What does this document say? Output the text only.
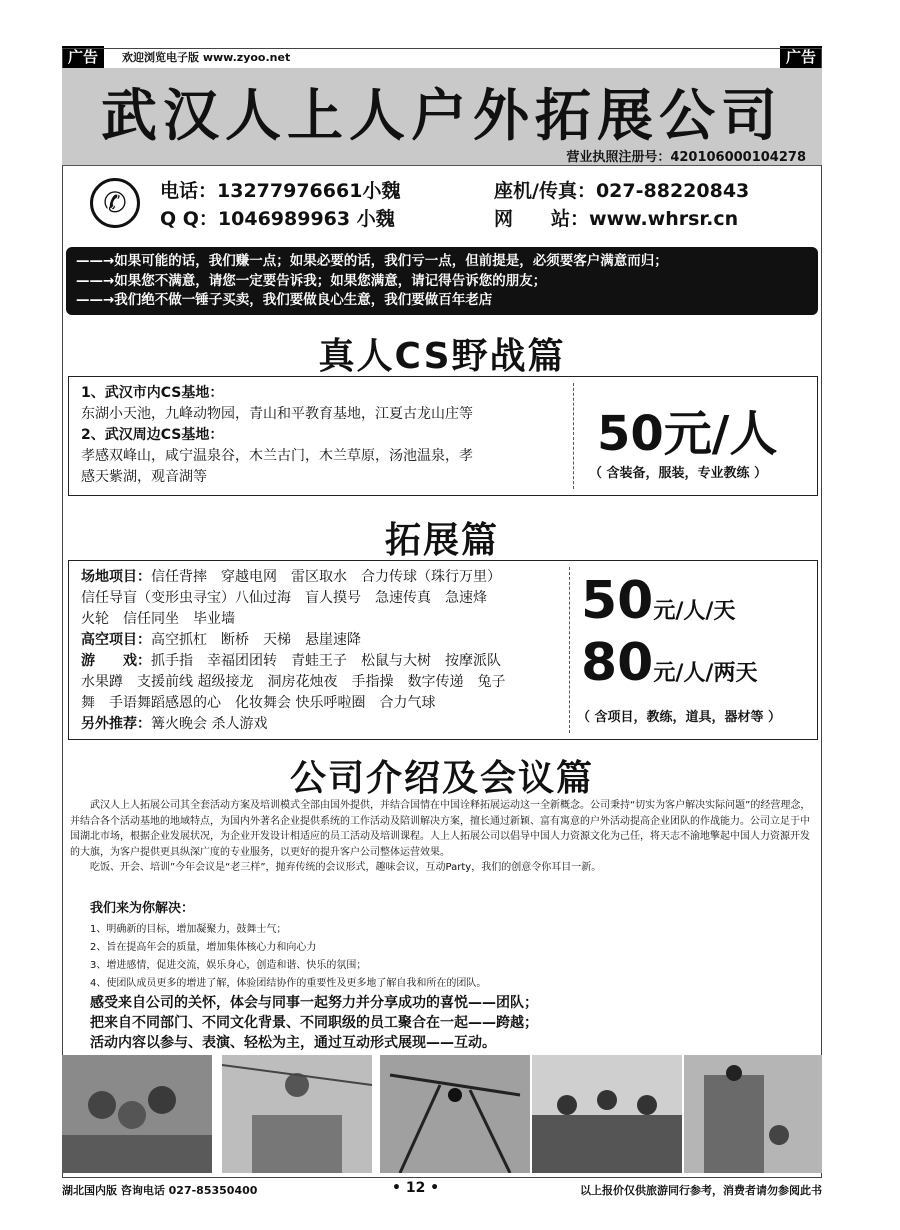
广告	欢迎浏览电子版 www.zyoo.net	广告
武汉人上人户外拓展公司
营业执照注册号：420106000104278
✆	电话：13277976661小魏
Q Q：1046989963 小魏
座机/传真：027-88220843
网　　站：www.whrsr.cn
——→如果可能的话，我们赚一点；如果必要的话，我们亏一点，但前提是，必须要客户满意而归；
——→如果您不满意，请您一定要告诉我；如果您满意，请记得告诉您的朋友；
——→我们绝不做一锤子买卖，我们要做良心生意，我们要做百年老店
真人CS野战篇
1、武汉市内CS基地：
东湖小天池，九峰动物园，青山和平教育基地，江夏古龙山庄等
2、武汉周边CS基地：
孝感双峰山，咸宁温泉谷，木兰古门，木兰草原，汤池温泉，孝
感天紫湖，观音湖等
50元/人
（ 含装备，服装，专业教练 ）
拓展篇
场地项目：信任背摔　穿越电网　雷区取水　合力传球（珠行万里）
信任导盲（变形虫寻宝）八仙过海　盲人摸号　急速传真　急速烽
火轮　信任同坐　毕业墙
高空项目：高空抓杠　断桥　天梯　悬崖速降
游　　戏：抓手指　幸福团团转　青蛙王子　松鼠与大树　按摩派队
水果蹲　支援前线 超级接龙　洞房花烛夜　手指操　数字传递　兔子
舞　手语舞蹈感恩的心　化妆舞会 快乐呼啦圈　合力气球
另外推荐：篝火晚会 杀人游戏
50元/人/天
80元/人/两天
（ 含项目，教练，道具，器材等 ）
公司介绍及会议篇

　　武汉人上人拓展公司其全套活动方案及培训模式全部由国外提供，并结合国情在中国诠释拓展运动这一全新概念。公司秉持“切实为客户解决实际问题”的经营理念，并结合各个活动基地的地域特点，为国内外著名企业提供系统的工作活动及陪训解决方案，擅长通过新颖、富有寓意的户外活动提高企业团队的作战能力。公司立足于中国湖北市场，根据企业发展状况，为企业开发设计相适应的员工活动及培训课程。人上人拓展公司以倡导中国人力资源文化为己任，将天志不渝地擎起中国人力资源开发的大旗，为客户提供更具纵深广度的专业服务，以更好的提升客户公司整体运营效果。

　　吃饭、开会、培训”今年会议是“老三样”，抛弃传统的会议形式，趣味会议，互动Party，我们的创意令你耳目一新。

我们来为你解决：
1、明确新的目标，增加凝聚力，鼓舞士气；
2、旨在提高年会的质量，增加集体核心力和向心力
3、增进感情，促进交流，娱乐身心，创造和谐、快乐的氛围；
4、使团队成员更多的增进了解，体验团结协作的重要性及更多地了解自我和所在的团队。
感受来自公司的关怀，体会与同事一起努力并分享成功的喜悦——团队；
把来自不同部门、不同文化背景、不同职级的员工聚合在一起——跨越；
活动内容以参与、表演、轻松为主，通过互动形式展现——互动。
湖北国内版 咨询电话 027-85350400	• 12 •	以上报价仅供旅游同行参考，消费者请勿参阅此书
